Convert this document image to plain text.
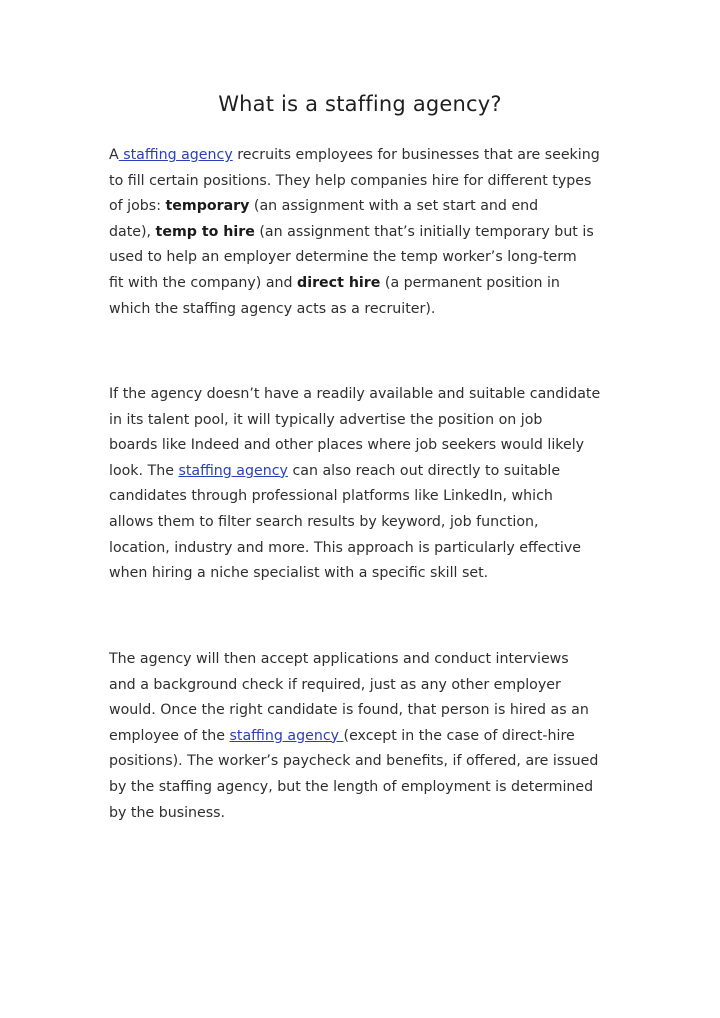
What is a staffing agency?

A staffing agency recruits employees for businesses that are seeking
to fill certain positions. They help companies hire for different types
of jobs: temporary (an assignment with a set start and end
date), temp to hire (an assignment that’s initially temporary but is
used to help an employer determine the temp worker’s long-term
fit with the company) and direct hire (a permanent position in
which the staffing agency acts as a recruiter).

If the agency doesn’t have a readily available and suitable candidate
in its talent pool, it will typically advertise the position on job
boards like Indeed and other places where job seekers would likely
look. The staffing agency can also reach out directly to suitable
candidates through professional platforms like LinkedIn, which
allows them to filter search results by keyword, job function,
location, industry and more. This approach is particularly effective
when hiring a niche specialist with a specific skill set.

The agency will then accept applications and conduct interviews
and a background check if required, just as any other employer
would. Once the right candidate is found, that person is hired as an
employee of the staffing agency (except in the case of direct-hire
positions). The worker’s paycheck and benefits, if offered, are issued
by the staffing agency, but the length of employment is determined
by the business.
